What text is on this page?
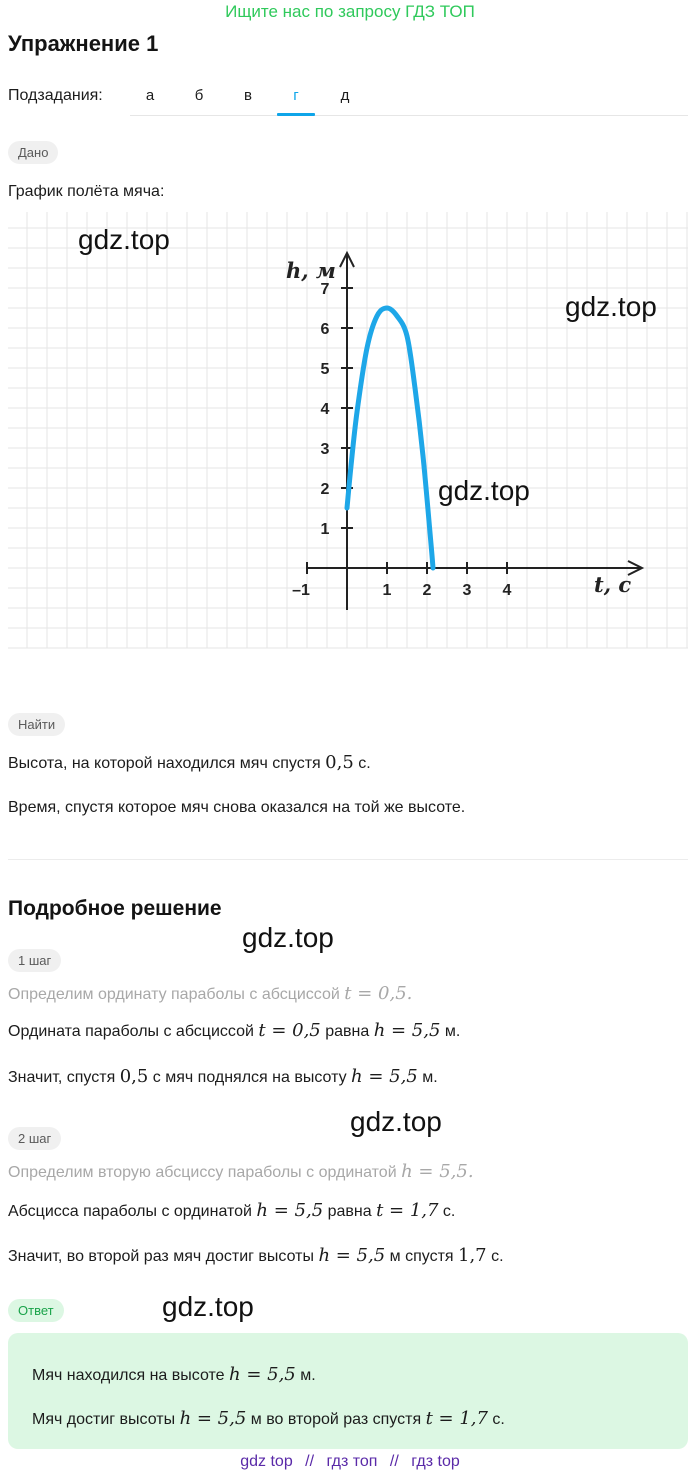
Ищите нас по запросу ГДЗ ТОП
Упражнение 1
Подзадания:	а	б	в	г	д
Дано
График полёта мяча:
–1	1 2 3 4
1
2
3
4
5
6
7
t, с
h, м
Найти
Высота, на которой находился мяч спустя 0,5 с.
Время, спустя которое мяч снова оказался на той же высоте.
Подробное решение
1 шаг
Определим ординату параболы с абсциссой t = 0,5.
Ордината параболы с абсциссой t = 0,5 равна h = 5,5 м.
Значит, спустя 0,5 с мяч поднялся на высоту h = 5,5 м.
2 шаг
Определим вторую абсциссу параболы с ординатой h = 5,5.
Абсцисса параболы с ординатой h = 5,5 равна t = 1,7 с.
Значит, во второй раз мяч достиг высоты h = 5,5 м спустя 1,7 с.
Ответ
Мяч находился на высоте h = 5,5 м.
Мяч достиг высоты h = 5,5 м во второй раз спустя t = 1,7 с.
gdz.top
gdz.top
gdz.top
gdz.top
gdz.top
gdz.top
gdz top // гдз топ // гдз top
